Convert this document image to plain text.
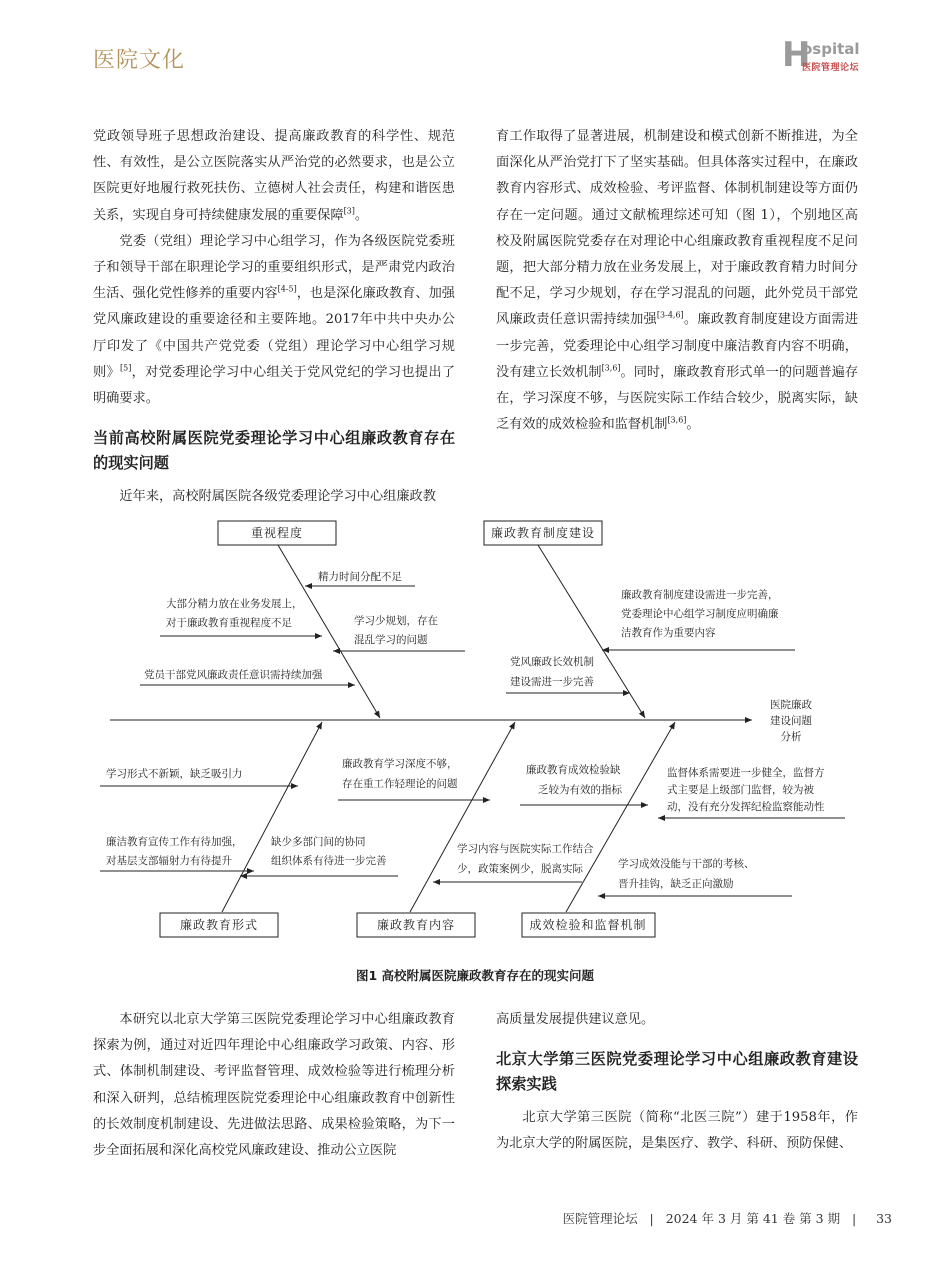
医院文化	H
ospital
医院管理论坛

党政领导班子思想政治建设、提高廉政教育的科学性、规范性、有效性，是公立医院落实从严治党的必然要求，也是公立医院更好地履行救死扶伤、立德树人社会责任，构建和谐医患关系，实现自身可持续健康发展的重要保障[3]。

党委（党组）理论学习中心组学习，作为各级医院党委班子和领导干部在职理论学习的重要组织形式，是严肃党内政治生活、强化党性修养的重要内容[4-5]，也是深化廉政教育、加强党风廉政建设的重要途径和主要阵地。2017年中共中央办公厅印发了《中国共产党党委（党组）理论学习中心组学习规则》[5]，对党委理论学习中心组关于党风党纪的学习也提出了明确要求。

当前高校附属医院党委理论学习中心组廉政教育存在的现实问题

近年来，高校附属医院各级党委理论学习中心组廉政教

育工作取得了显著进展，机制建设和模式创新不断推进，为全面深化从严治党打下了坚实基础。但具体落实过程中，在廉政教育内容形式、成效检验、考评监督、体制机制建设等方面仍存在一定问题。通过文献梳理综述可知（图 1），个别地区高校及附属医院党委存在对理论中心组廉政教育重视程度不足问题，把大部分精力放在业务发展上，对于廉政教育精力时间分配不足，学习少规划，存在学习混乱的问题，此外党员干部党风廉政责任意识需持续加强[3-4,6]。廉政教育制度建设方面需进一步完善，党委理论中心组学习制度中廉洁教育内容不明确，没有建立长效机制[3,6]。同时，廉政教育形式单一的问题普遍存在，学习深度不够，与医院实际工作结合较少，脱离实际，缺乏有效的成效检验和监督机制[3,6]。

重视程度	廉政教育制度建设
廉政教育形式	廉政教育内容	成效检验和监督机制
医院廉政
建设问题
分析
精力时间分配不足
大部分精力放在业务发展上，
对于廉政教育重视程度不足	学习少规划，存在
混乱学习的问题
党员干部党风廉政责任意识需持续加强
廉政教育制度建设需进一步完善，
党委理论中心组学习制度应明确廉
洁教育作为重要内容
党风廉政长效机制
建设需进一步完善
学习形式不新颖，缺乏吸引力
廉洁教育宣传工作有待加强，
对基层支部辐射力有待提升
缺少多部门间的协同
组织体系有待进一步完善
廉政教育学习深度不够，
存在重工作轻理论的问题
学习内容与医院实际工作结合
少，政策案例少，脱离实际
廉政教育成效检验缺
乏较为有效的指标
监督体系需要进一步健全，监督方
式主要是上级部门监督，较为被
动，没有充分发挥纪检监察能动性
学习成效没能与干部的考核、
晋升挂钩，缺乏正向激励
图1 高校附属医院廉政教育存在的现实问题

本研究以北京大学第三医院党委理论学习中心组廉政教育探索为例，通过对近四年理论中心组廉政学习政策、内容、形式、体制机制建设、考评监督管理、成效检验等进行梳理分析和深入研判，总结梳理医院党委理论中心组廉政教育中创新性的长效制度机制建设、先进做法思路、成果检验策略，为下一步全面拓展和深化高校党风廉政建设、推动公立医院

高质量发展提供建议意见。

北京大学第三医院党委理论学习中心组廉政教育建设探索实践

北京大学第三医院（简称“北医三院”）建于1958年，作为北京大学的附属医院，是集医疗、教学、科研、预防保健、

医院管理论坛 | 2024 年 3 月 第 41 卷 第 3 期 | 33
